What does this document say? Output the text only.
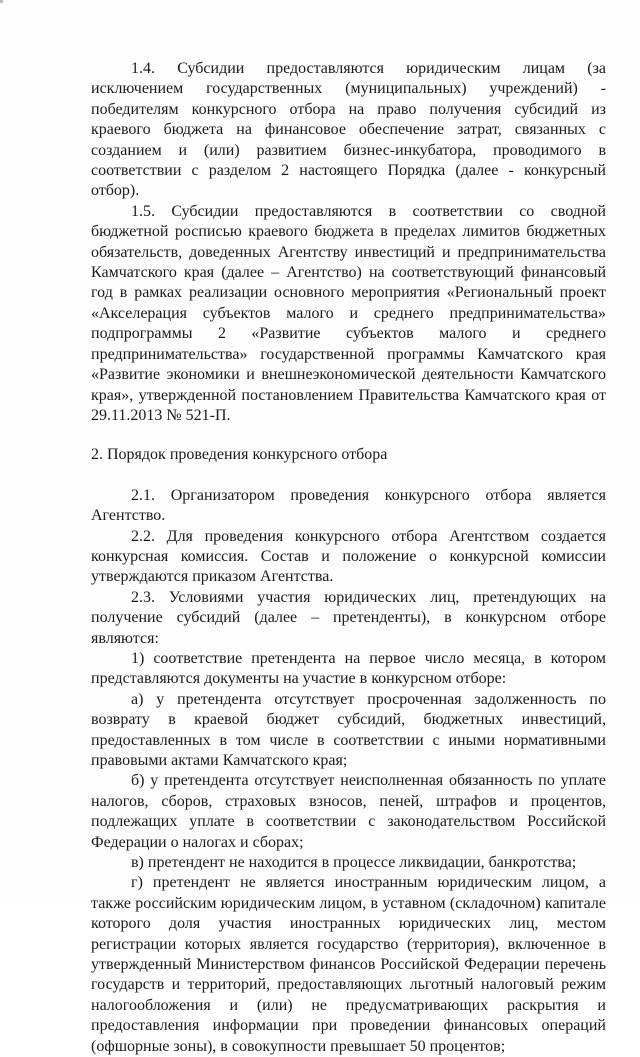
1.4. Субсидии предоставляются юридическим лицам (за исключением государственных (муниципальных) учреждений) - победителям конкурсного отбора на право получения субсидий из краевого бюджета на финансовое обеспечение затрат, связанных с созданием и (или) развитием бизнес-инкубатора, проводимого в соответствии с разделом 2 настоящего Порядка (далее - конкурсный отбор).

1.5. Субсидии предоставляются в соответствии со сводной бюджетной росписью краевого бюджета в пределах лимитов бюджетных обязательств, доведенных Агентству инвестиций и предпринимательства Камчатского края (далее – Агентство) на соответствующий финансовый год в рамках реализации основного мероприятия «Региональный проект «Акселерация субъектов малого и среднего предпринимательства» подпрограммы 2 «Развитие субъектов малого и среднего предпринимательства» государственной программы Камчатского края «Развитие экономики и внешнеэкономической деятельности Камчатского края», утвержденной постановлением Правительства Камчатского края от 29.11.2013 № 521-П.

2. Порядок проведения конкурсного отбора

2.1. Организатором проведения конкурсного отбора является Агентство.

2.2. Для проведения конкурсного отбора Агентством создается конкурсная комиссия. Состав и положение о конкурсной комиссии утверждаются приказом Агентства.

2.3. Условиями участия юридических лиц, претендующих на получение субсидий (далее – претенденты), в конкурсном отборе являются:

1) соответствие претендента на первое число месяца, в котором представляются документы на участие в конкурсном отборе:

а) у претендента отсутствует просроченная задолженность по возврату в краевой бюджет субсидий, бюджетных инвестиций, предоставленных в том числе в соответствии с иными нормативными правовыми актами Камчатского края;

б) у претендента отсутствует неисполненная обязанность по уплате налогов, сборов, страховых взносов, пеней, штрафов и процентов, подлежащих уплате в соответствии с законодательством Российской Федерации о налогах и сборах;

в) претендент не находится в процессе ликвидации, банкротства;

г) претендент не является иностранным юридическим лицом, а также российским юридическим лицом, в уставном (складочном) капитале которого доля участия иностранных юридических лиц, местом регистрации которых является государство (территория), включенное в утвержденный Министерством финансов Российской Федерации перечень государств и территорий, предоставляющих льготный налоговый режим налогообложения и (или) не предусматривающих раскрытия и предоставления информации при проведении финансовых операций (офшорные зоны), в совокупности превышает 50 процентов;
